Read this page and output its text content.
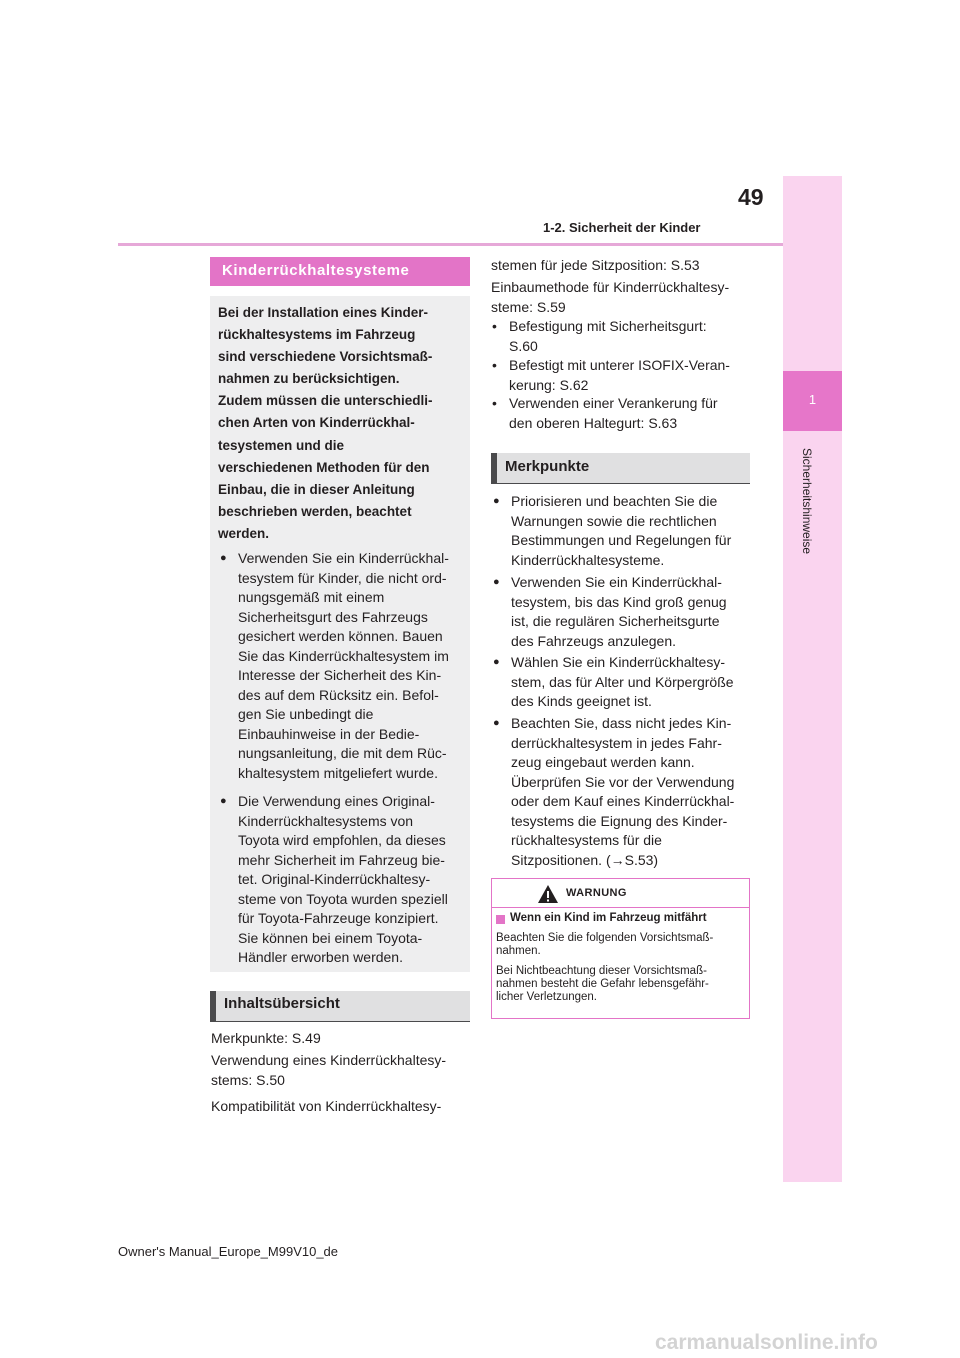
49
1-2. Sicherheit der Kinder
1
Sicherheitshinweise
Kinderrückhaltesysteme
Bei der Installation eines Kinder-
rückhaltesystems im Fahrzeug
sind verschiedene Vorsichtsmaß-
nahmen zu berücksichtigen.
Zudem müssen die unterschiedli-
chen Arten von Kinderrückhal-
tesystemen und die
verschiedenen Methoden für den
Einbau, die in dieser Anleitung
beschrieben werden, beachtet
werden.
● Verwenden Sie ein Kinderrückhal-
tesystem für Kinder, die nicht ord-
nungsgemäß mit einem
Sicherheitsgurt des Fahrzeugs
gesichert werden können. Bauen
Sie das Kinderrückhaltesystem im
Interesse der Sicherheit des Kin-
des auf dem Rücksitz ein. Befol-
gen Sie unbedingt die
Einbauhinweise in der Bedie-
nungsanleitung, die mit dem Rüc-
khaltesystem mitgeliefert wurde.
● Die Verwendung eines Original-
Kinderrückhaltesystems von
Toyota wird empfohlen, da dieses
mehr Sicherheit im Fahrzeug bie-
tet. Original-Kinderrückhaltesy-
steme von Toyota wurden speziell
für Toyota-Fahrzeuge konzipiert.
Sie können bei einem Toyota-
Händler erworben werden.
Inhaltsübersicht
Merkpunkte: S.49
Verwendung eines Kinderrückhaltesy-
stems: S.50
Kompatibilität von Kinderrückhaltesy-
stemen für jede Sitzposition: S.53
Einbaumethode für Kinderrückhaltesy-
steme: S.59
• Befestigung mit Sicherheitsgurt:
S.60
• Befestigt mit unterer ISOFIX-Veran-
kerung: S.62
• Verwenden einer Verankerung für
den oberen Haltegurt: S.63
Merkpunkte
● Priorisieren und beachten Sie die
Warnungen sowie die rechtlichen
Bestimmungen und Regelungen für
Kinderrückhaltesysteme.
● Verwenden Sie ein Kinderrückhal-
tesystem, bis das Kind groß genug
ist, die regulären Sicherheitsgurte
des Fahrzeugs anzulegen.
● Wählen Sie ein Kinderrückhaltesy-
stem, das für Alter und Körpergröße
des Kinds geeignet ist.
● Beachten Sie, dass nicht jedes Kin-
derrückhaltesystem in jedes Fahr-
zeug eingebaut werden kann.
Überprüfen Sie vor der Verwendung
oder dem Kauf eines Kinderrückhal-
tesystems die Eignung des Kinder-
rückhaltesystems für die
Sitzpositionen. (→S.53)
WARNUNG
Wenn ein Kind im Fahrzeug mitfährt
Beachten Sie die folgenden Vorsichtsmaß-
nahmen.
Bei Nichtbeachtung dieser Vorsichtsmaß-
nahmen besteht die Gefahr lebensgefähr-
licher Verletzungen.
Owner's Manual_Europe_M99V10_de
carmanualsonline.info
